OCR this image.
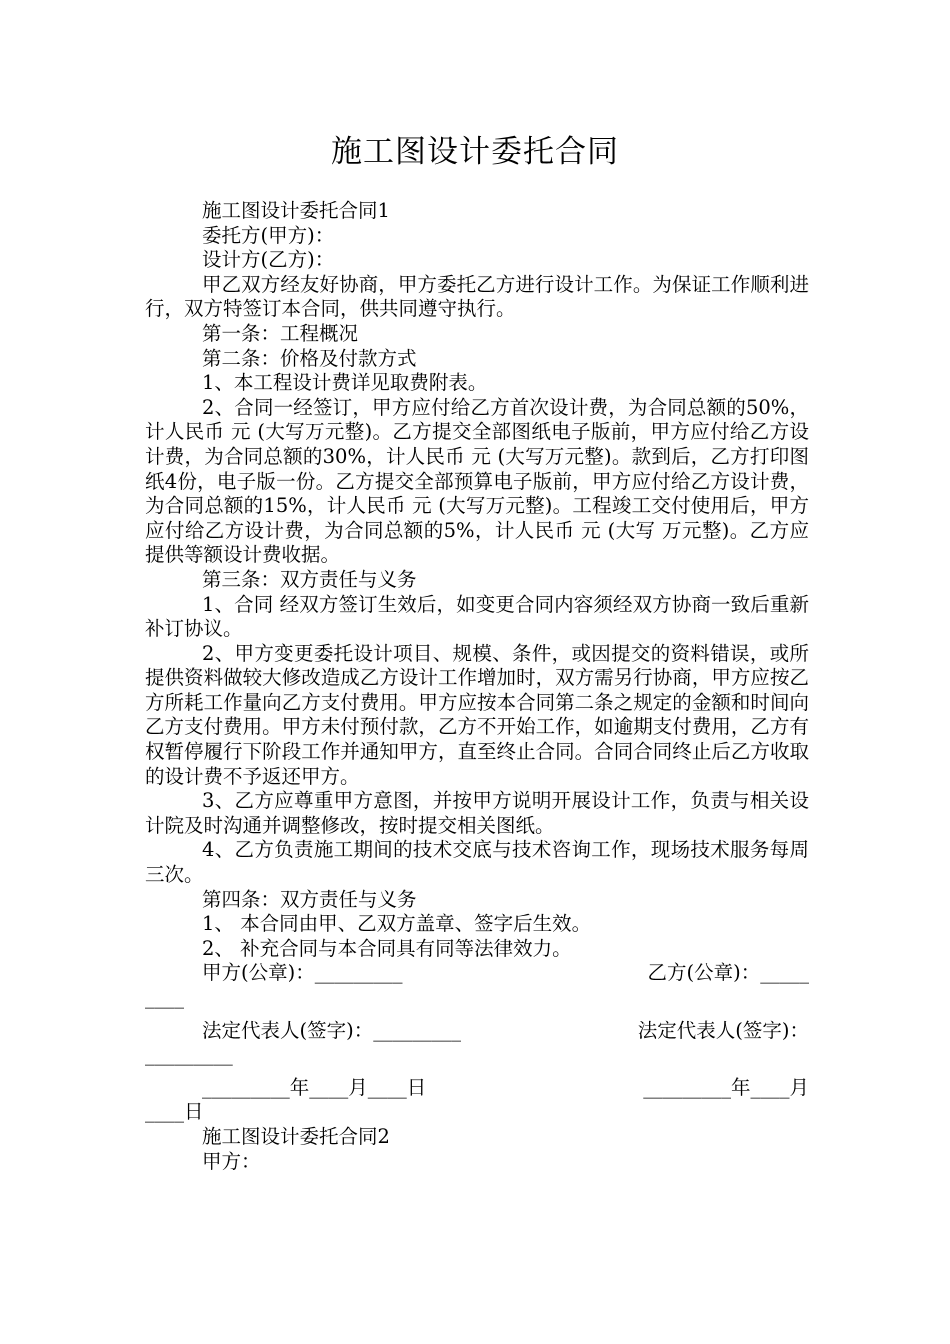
施工图设计委托合同

施工图设计委托合同1

委托方(甲方)：

设计方(乙方)：

甲乙双方经友好协商，甲方委托乙方进行设计工作。为保证工作顺利进行，双方特签订本合同，供共同遵守执行。

第一条：工程概况

第二条：价格及付款方式

1、本工程设计费详见取费附表。

2、合同一经签订，甲方应付给乙方首次设计费，为合同总额的50%，计人民币 元 (大写万元整)。乙方提交全部图纸电子版前，甲方应付给乙方设计费，为合同总额的30%，计人民币 元 (大写万元整)。款到后，乙方打印图纸4份，电子版一份。乙方提交全部预算电子版前，甲方应付给乙方设计费，为合同总额的15%，计人民币 元 (大写万元整)。工程竣工交付使用后，甲方应付给乙方设计费，为合同总额的5%，计人民币 元 (大写 万元整)。乙方应提供等额设计费收据。

第三条：双方责任与义务

1、合同 经双方签订生效后，如变更合同内容须经双方协商一致后重新补订协议。

2、甲方变更委托设计项目、规模、条件，或因提交的资料错误，或所提供资料做较大修改造成乙方设计工作增加时，双方需另行协商，甲方应按乙方所耗工作量向乙方支付费用。甲方应按本合同第二条之规定的金额和时间向乙方支付费用。甲方未付预付款，乙方不开始工作，如逾期支付费用，乙方有权暂停履行下阶段工作并通知甲方，直至终止合同。合同合同终止后乙方收取的设计费不予返还甲方。

3、乙方应尊重甲方意图，并按甲方说明开展设计工作，负责与相关设计院及时沟通并调整修改，按时提交相关图纸。

4、乙方负责施工期间的技术交底与技术咨询工作，现场技术服务每周三次。

第四条：双方责任与义务

1、 本合同由甲、乙双方盖章、签字后生效。

2、 补充合同与本合同具有同等法律效力。

甲方(公章)：_________	乙方(公章)：_____
____
法定代表人(签字)：_________	法定代表人(签字)：
_________
_________年____月____日	_________年____月
____日

施工图设计委托合同2

甲方：
